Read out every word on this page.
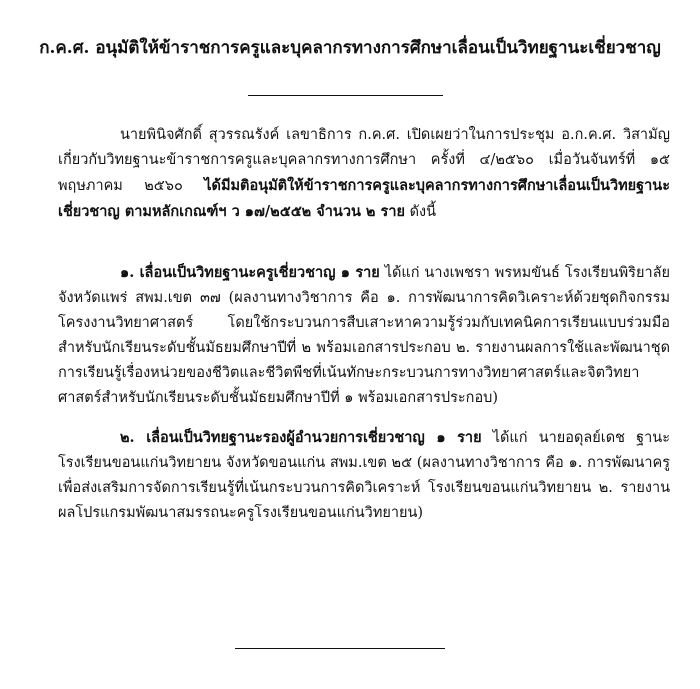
ก.ค.ศ. อนุมัติให้ข้าราชการครูและบุคลากรทางการศึกษาเลื่อนเป็นวิทยฐานะเชี่ยวชาญ

นายพินิจศักดิ์ สุวรรณรังค์ เลขาธิการ ก.ค.ศ. เปิดเผยว่าในการประชุม อ.ก.ค.ศ. วิสามัญเกี่ยวกับวิทยฐานะข้าราชการครูและบุคลากรทางการศึกษา ครั้งที่ ๔/๒๕๖๐ เมื่อวันจันทร์ที่ ๑๕ พฤษภาคม ๒๕๖๐ ได้มีมติอนุมัติให้ข้าราชการครูและบุคลากรทางการศึกษาเลื่อนเป็นวิทยฐานะเชี่ยวชาญ ตามหลักเกณฑ์ฯ ว ๑๗/๒๕๕๒ จำนวน ๒ ราย ดังนี้

๑. เลื่อนเป็นวิทยฐานะครูเชี่ยวชาญ ๑ ราย ได้แก่ นางเพชรา พรหมขันธ์ โรงเรียนพิริยาลัย จังหวัดแพร่ สพม.เขต ๓๗ (ผลงานทางวิชาการ คือ ๑. การพัฒนาการคิดวิเคราะห์ด้วยชุดกิจกรรมโครงงานวิทยาศาสตร์ โดยใช้กระบวนการสืบเสาะหาความรู้ร่วมกับเทคนิคการเรียนแบบร่วมมือสำหรับนักเรียนระดับชั้นมัธยมศึกษาปีที่ ๒ พร้อมเอกสารประกอบ ๒. รายงานผลการใช้และพัฒนาชุดการเรียนรู้เรื่องหน่วยของชีวิตและชีวิตพืชที่เน้นทักษะกระบวนการทางวิทยาศาสตร์และจิตวิทยาศาสตร์สำหรับนักเรียนระดับชั้นมัธยมศึกษาปีที่ ๑ พร้อมเอกสารประกอบ)

๒. เลื่อนเป็นวิทยฐานะรองผู้อำนวยการเชี่ยวชาญ ๑ ราย ได้แก่ นายอดุลย์เดช ฐานะ โรงเรียนขอนแก่นวิทยายน จังหวัดขอนแก่น สพม.เขต ๒๕ (ผลงานทางวิชาการ คือ ๑. การพัฒนาครูเพื่อส่งเสริมการจัดการเรียนรู้ที่เน้นกระบวนการคิดวิเคราะห์ โรงเรียนขอนแก่นวิทยายน ๒. รายงานผลโปรแกรมพัฒนาสมรรถนะครูโรงเรียนขอนแก่นวิทยายน)
